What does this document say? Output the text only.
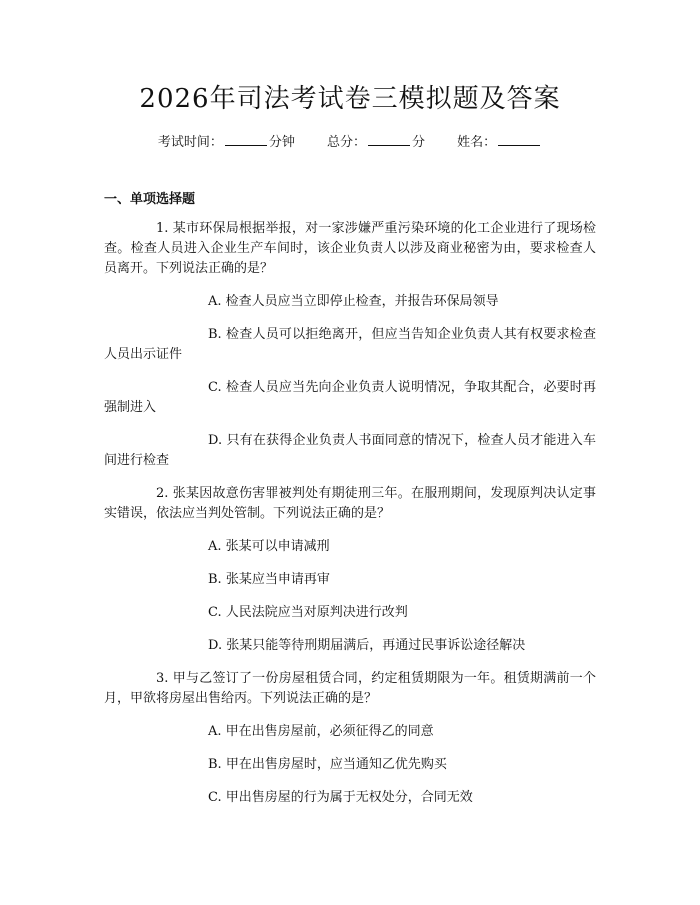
2026年司法考试卷三模拟题及答案
考试时间：	分钟 总分：	分 姓名：
一、单项选择题

1. 某市环保局根据举报，对一家涉嫌严重污染环境的化工企业进行了现场检查。检查人员进入企业生产车间时，该企业负责人以涉及商业秘密为由，要求检查人员离开。下列说法正确的是？

A. 检查人员应当立即停止检查，并报告环保局领导

B. 检查人员可以拒绝离开，但应当告知企业负责人其有权要求检查人员出示证件

C. 检查人员应当先向企业负责人说明情况，争取其配合，必要时再强制进入

D. 只有在获得企业负责人书面同意的情况下，检查人员才能进入车间进行检查

2. 张某因故意伤害罪被判处有期徒刑三年。在服刑期间，发现原判决认定事实错误，依法应当判处管制。下列说法正确的是？

A. 张某可以申请减刑

B. 张某应当申请再审

C. 人民法院应当对原判决进行改判

D. 张某只能等待刑期届满后，再通过民事诉讼途径解决

3. 甲与乙签订了一份房屋租赁合同，约定租赁期限为一年。租赁期满前一个月，甲欲将房屋出售给丙。下列说法正确的是？

A. 甲在出售房屋前，必须征得乙的同意

B. 甲在出售房屋时，应当通知乙优先购买

C. 甲出售房屋的行为属于无权处分，合同无效
